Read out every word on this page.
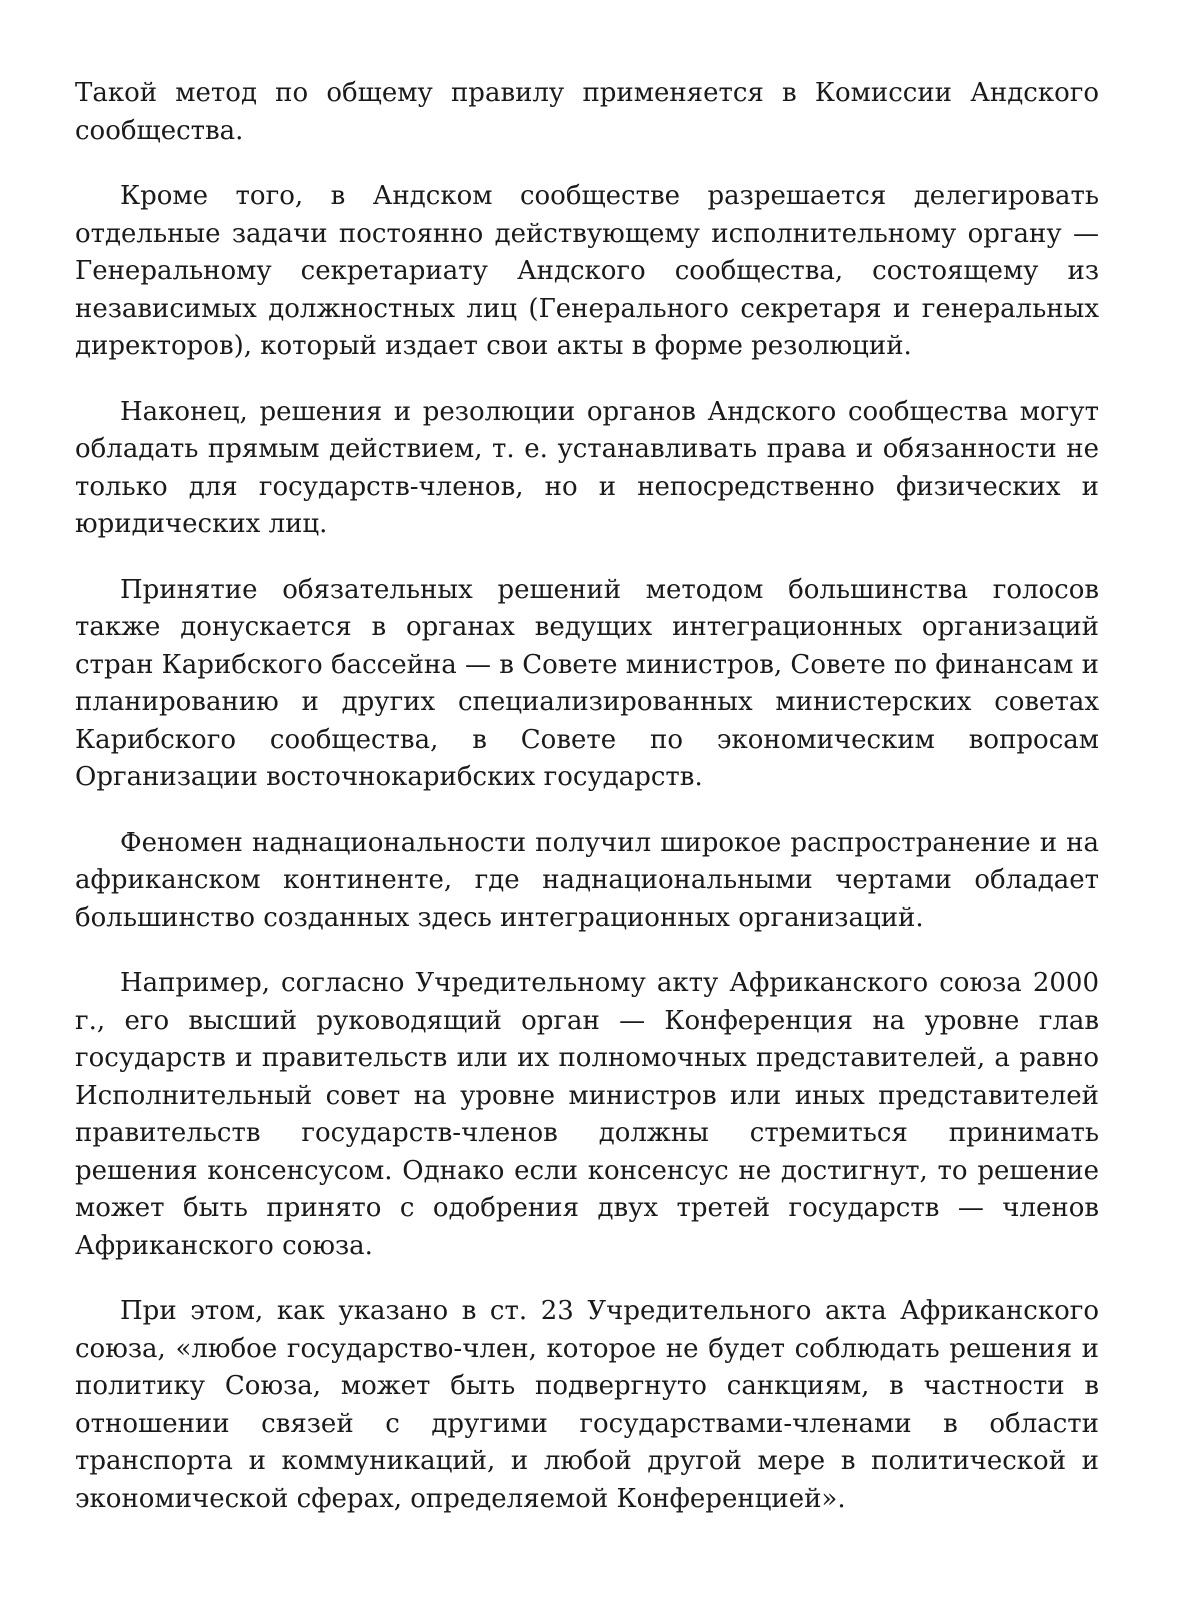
Такой метод по общему правилу применяется в Комиссии Андского сообщества.

Кроме того, в Андском сообществе разрешается делегировать отдельные задачи постоянно действующему исполнительному органу — Генеральному секретариату Андского сообщества, состоящему из независимых должностных лиц (Генерального секретаря и генеральных директоров), который издает свои акты в форме резолюций.

Наконец, решения и резолюции органов Андского сообщества могут обладать прямым действием, т. е. устанавливать права и обязанности не только для государств-членов, но и непосредственно физических и юридических лиц.

Принятие обязательных решений методом большинства голосов также донускается в органах ведущих интеграционных организаций стран Карибского бассейна — в Совете министров, Совете по финансам и планированию и других специализированных министерских советах Карибского сообщества, в Совете по экономическим вопросам Организации восточнокарибских государств.

Феномен наднациональности получил широкое распространение и на африканском континенте, где наднациональными чертами обладает большинство созданных здесь интеграционных организаций.

Например, согласно Учредительному акту Африканского союза 2000 г., его высший руководящий орган — Конференция на уровне глав государств и правительств или их полномочных представителей, а равно Исполнительный совет на уровне министров или иных представителей правительств государств-членов должны стремиться принимать решения консенсусом. Однако если консенсус не достигнут, то решение может быть принято с одобрения двух третей государств — членов Африканского союза.

При этом, как указано в ст. 23 Учредительного акта Африканского союза, «любое государство-член, которое не будет соблюдать решения и политику Союза, может быть подвергнуто санкциям, в частности в отношении связей с другими государствами-членами в области транспорта и коммуникаций, и любой другой мере в политической и экономической сферах, определяемой Конференцией».
